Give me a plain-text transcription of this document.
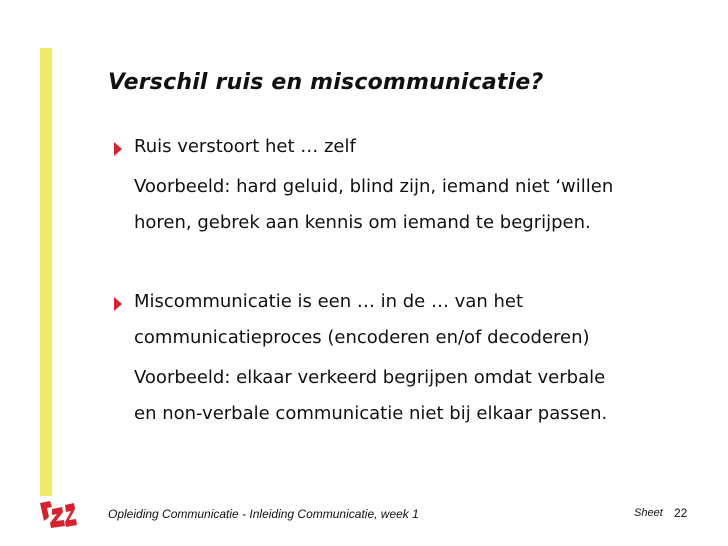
Verschil ruis en miscommunicatie?

Ruis verstoort het … zelf

Voorbeeld: hard geluid, blind zijn, iemand niet ‘willen

horen, gebrek aan kennis om iemand te begrijpen.

Miscommunicatie is een … in de … van het

communicatieproces (encoderen en/of decoderen)

Voorbeeld: elkaar verkeerd begrijpen omdat verbale

en non-verbale communicatie niet bij elkaar passen.

Opleiding Communicatie - Inleiding Communicatie, week 1	Sheet 22
